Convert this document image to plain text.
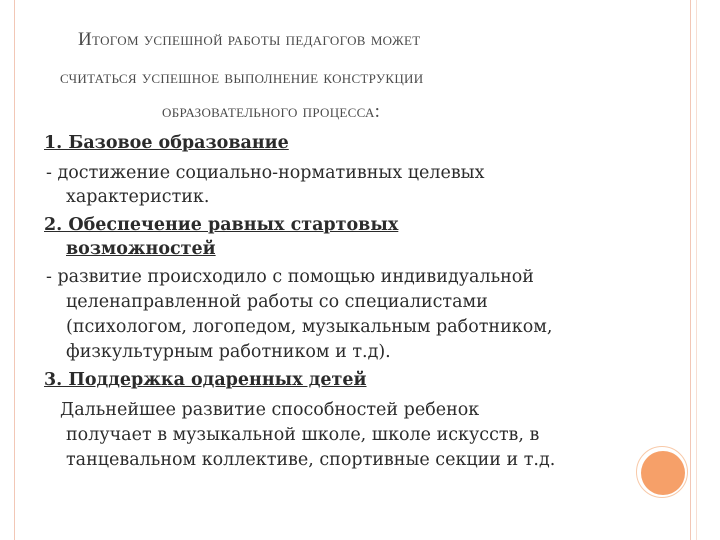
Итогом успешной работы педагогов может
считаться успешное выполнение конструкции
образовательного процесса:
1. Базовое образование
- достижение социально-нормативных целевых
характеристик.
2. Обеспечение равных стартовых
возможностей
- развитие происходило с помощью индивидуальной
целенаправленной работы со специалистами
(психологом, логопедом, музыкальным работником,
физкультурным работником и т.д).
3. Поддержка одаренных детей
Дальнейшее развитие способностей ребенок
получает в музыкальной школе, школе искусств, в
танцевальном коллективе, спортивные секции и т.д.
